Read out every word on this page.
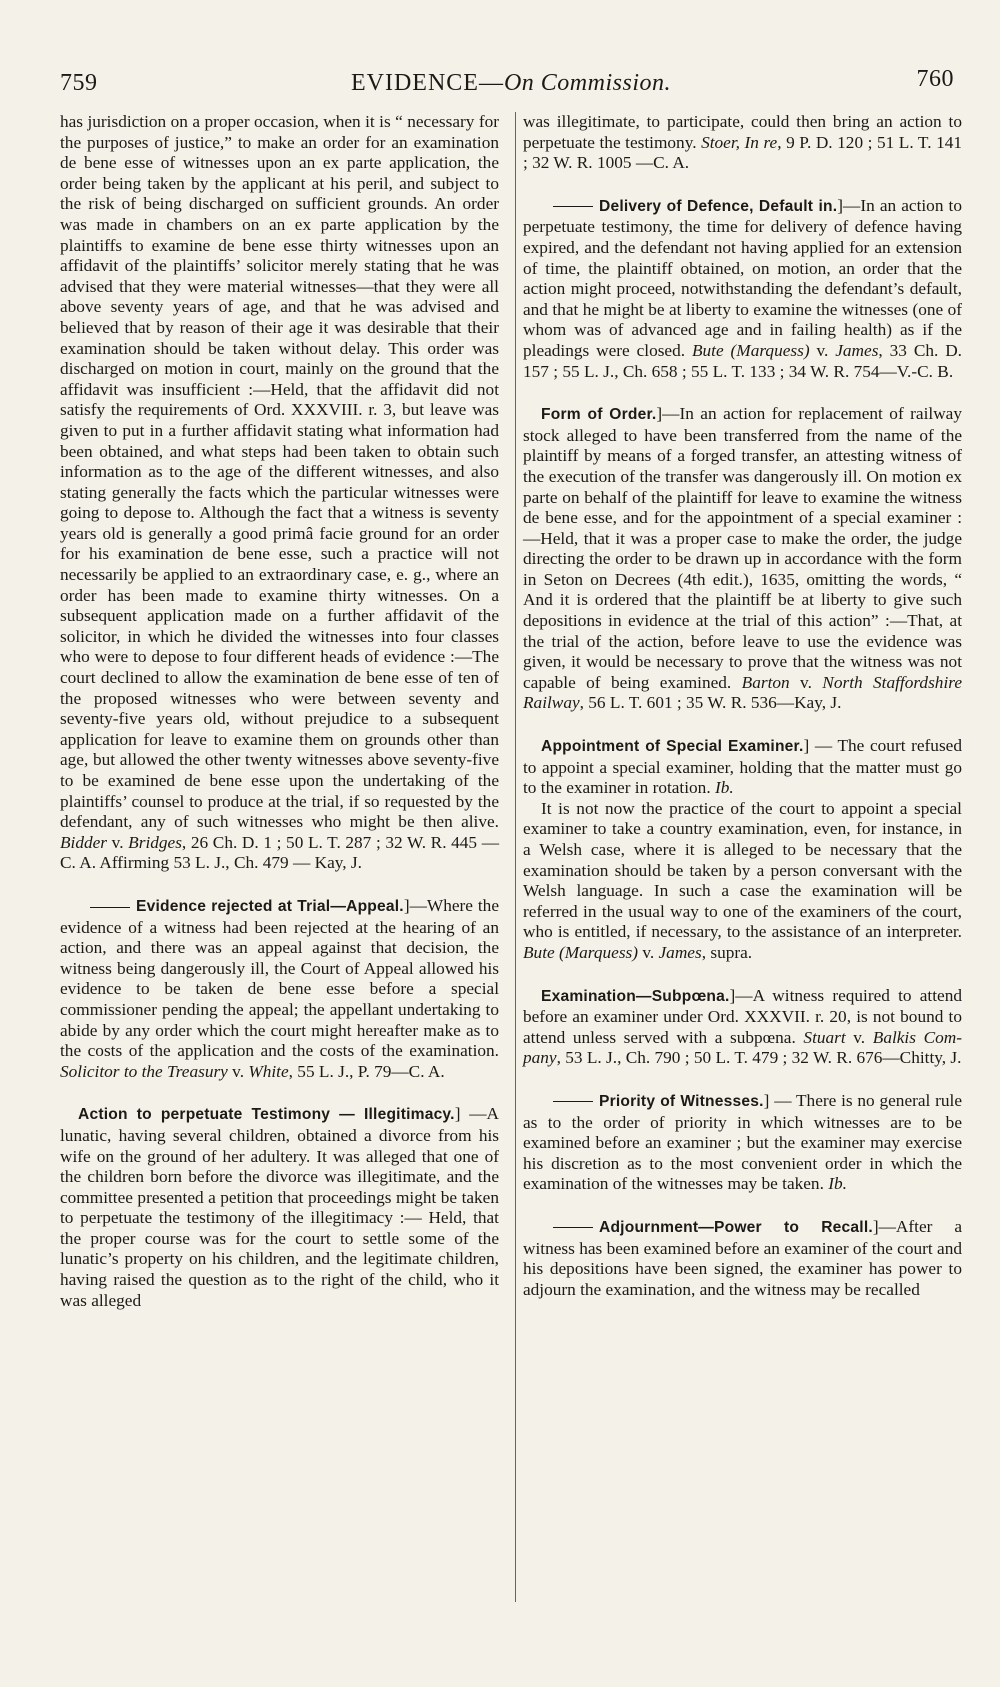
759	EVIDENCE—On Commission.	760

has jurisdiction on a proper occasion, when it is “ necessary for the purposes of justice,” to make an order for an examination de bene esse of witnesses upon an ex parte application, the order being taken by the applicant at his peril, and subject to the risk of being discharged on sufficient grounds. An order was made in chambers on an ex parte application by the plaintiffs to examine de bene esse thirty witnesses upon an affidavit of the plaintiffs’ solicitor merely stating that he was advised that they were material witnesses—that they were all above seventy years of age, and that he was advised and believed that by reason of their age it was desirable that their examination should be taken without delay. This order was discharged on motion in court, mainly on the ground that the affidavit was insufficient :—Held, that the affidavit did not satisfy the requirements of Ord. XXXVIII. r. 3, but leave was given to put in a further affidavit stating what information had been obtained, and what steps had been taken to obtain such information as to the age of the different witnesses, and also stating generally the facts which the particular witnesses were going to depose to. Although the fact that a witness is seventy years old is generally a good primâ facie ground for an order for his examination de bene esse, such a practice will not necessarily be applied to an extraordinary case, e. g., where an order has been made to examine thirty witnesses. On a subsequent application made on a further affidavit of the solicitor, in which he divided the witnesses into four classes who were to depose to four different heads of evidence :—The court declined to allow the examination de bene esse of ten of the proposed witnesses who were between seventy and seventy-five years old, without prejudice to a subsequent application for leave to examine them on grounds other than age, but allowed the other twenty witnesses above seventy-five to be examined de bene esse upon the undertaking of the plaintiffs’ counsel to produce at the trial, if so requested by the defendant, any of such witnesses who might be then alive. Bidder v. Bridges, 26 Ch. D. 1 ; 50 L. T. 287 ; 32 W. R. 445 — C. A. Affirming 53 L. J., Ch. 479 — Kay, J.

Evidence rejected at Trial—Appeal.]—Where the evidence of a witness had been rejected at the hearing of an action, and there was an appeal against that decision, the witness being dangerously ill, the Court of Appeal allowed his evidence to be taken de bene esse before a special commissioner pending the appeal; the appellant undertaking to abide by any order which the court might hereafter make as to the costs of the application and the costs of the examination. Solicitor to the Treasury v. White, 55 L. J., P. 79—C. A.

Action to perpetuate Testimony — Illegitimacy.] —A lunatic, having several children, obtained a divorce from his wife on the ground of her adultery. It was alleged that one of the children born before the divorce was illegitimate, and the committee presented a petition that proceedings might be taken to perpetuate the testimony of the illegitimacy :— Held, that the proper course was for the court to settle some of the lunatic’s property on his children, and the legitimate children, having raised the question as to the right of the child, who it was alleged

was illegitimate, to participate, could then bring an action to perpetuate the testimony. Stoer, In re, 9 P. D. 120 ; 51 L. T. 141 ; 32 W. R. 1005 —C. A.

Delivery of Defence, Default in.]—In an action to perpetuate testimony, the time for delivery of defence having expired, and the defendant not having applied for an extension of time, the plaintiff obtained, on motion, an order that the action might proceed, notwithstanding the defendant’s default, and that he might be at liberty to examine the witnesses (one of whom was of advanced age and in failing health) as if the pleadings were closed. Bute (Marquess) v. James, 33 Ch. D. 157 ; 55 L. J., Ch. 658 ; 55 L. T. 133 ; 34 W. R. 754—V.-C. B.

Form of Order.]—In an action for replacement of railway stock alleged to have been transferred from the name of the plaintiff by means of a forged transfer, an attesting witness of the execution of the transfer was dangerously ill. On motion ex parte on behalf of the plaintiff for leave to examine the witness de bene esse, and for the appointment of a special examiner : —Held, that it was a proper case to make the order, the judge directing the order to be drawn up in accordance with the form in Seton on Decrees (4th edit.), 1635, omitting the words, “ And it is ordered that the plaintiff be at liberty to give such depositions in evidence at the trial of this action” :—That, at the trial of the action, before leave to use the evidence was given, it would be necessary to prove that the witness was not capable of being examined. Barton v. North Staffordshire Railway, 56 L. T. 601 ; 35 W. R. 536—Kay, J.

Appointment of Special Examiner.] — The court refused to appoint a special examiner, holding that the matter must go to the examiner in rotation. Ib.

It is not now the practice of the court to appoint a special examiner to take a country examination, even, for instance, in a Welsh case, where it is alleged to be necessary that the examination should be taken by a person conversant with the Welsh language. In such a case the examination will be referred in the usual way to one of the examiners of the court, who is entitled, if necessary, to the assistance of an interpreter. Bute (Marquess) v. James, supra.

Examination—Subpœna.]—A witness required to attend before an examiner under Ord. XXXVII. r. 20, is not bound to attend unless served with a subpœna. Stuart v. Balkis Company, 53 L. J., Ch. 790 ; 50 L. T. 479 ; 32 W. R. 676—Chitty, J.

Priority of Witnesses.] — There is no general rule as to the order of priority in which witnesses are to be examined before an examiner ; but the examiner may exercise his discretion as to the most convenient order in which the examination of the witnesses may be taken. Ib.

Adjournment—Power to Recall.]—After a witness has been examined before an examiner of the court and his depositions have been signed, the examiner has power to adjourn the examination, and the witness may be recalled
